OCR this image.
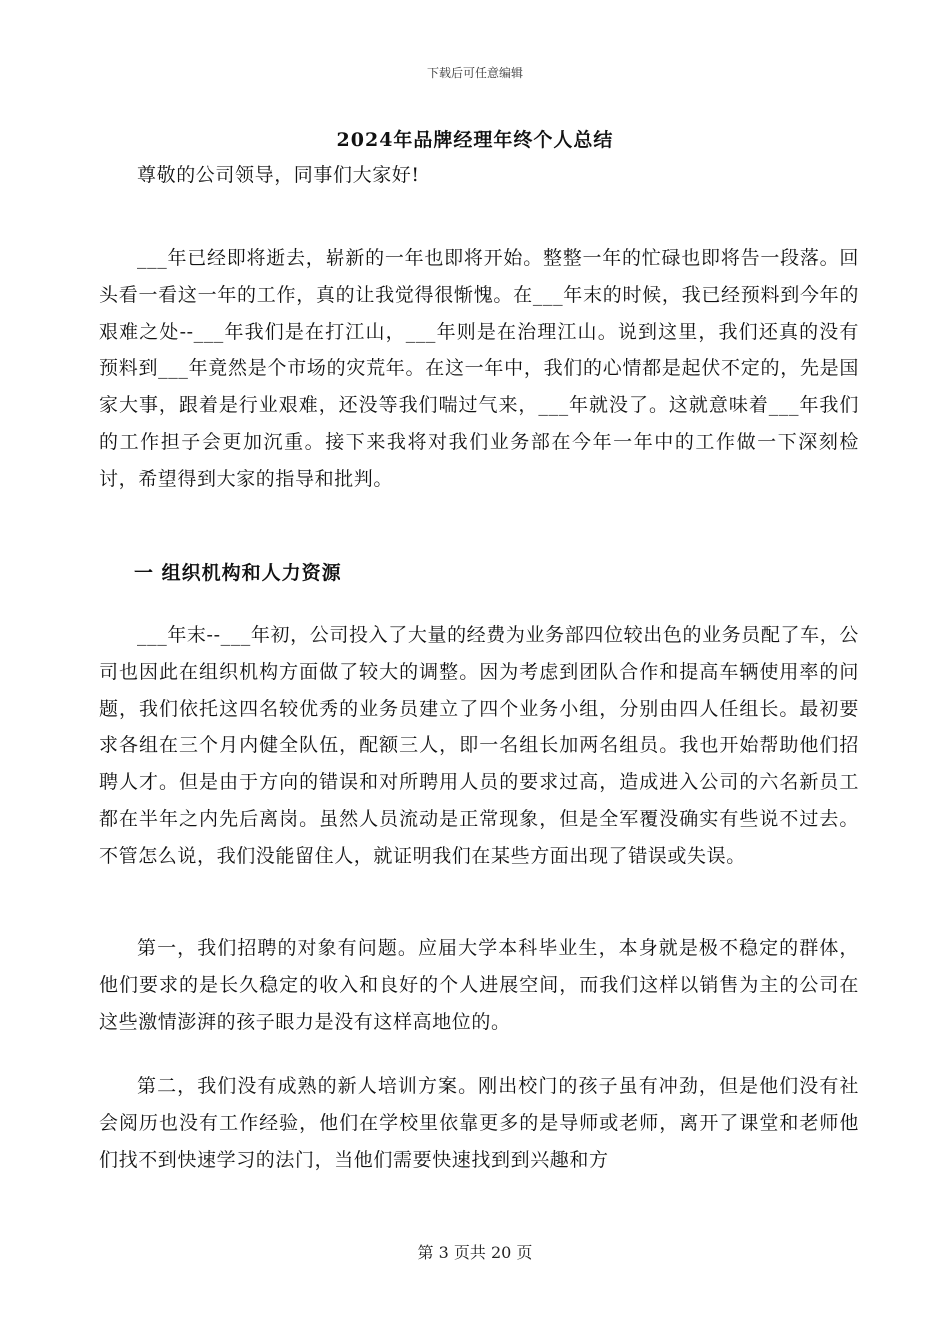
下载后可任意编辑
2024年品牌经理年终个人总结

尊敬的公司领导，同事们大家好!

___年已经即将逝去，崭新的一年也即将开始。整整一年的忙碌也即将告一段落。回头看一看这一年的工作，真的让我觉得很惭愧。在___年末的时候，我已经预料到今年的艰难之处--___年我们是在打江山，___年则是在治理江山。说到这里，我们还真的没有预料到___年竟然是个市场的灾荒年。在这一年中，我们的心情都是起伏不定的，先是国家大事，跟着是行业艰难，还没等我们喘过气来，___年就没了。这就意味着___年我们的工作担子会更加沉重。接下来我将对我们业务部在今年一年中的工作做一下深刻检讨，希望得到大家的指导和批判。

一 组织机构和人力资源

___年末--___年初，公司投入了大量的经费为业务部四位较出色的业务员配了车，公司也因此在组织机构方面做了较大的调整。因为考虑到团队合作和提高车辆使用率的问题，我们依托这四名较优秀的业务员建立了四个业务小组，分别由四人任组长。最初要求各组在三个月内健全队伍，配额三人，即一名组长加两名组员。我也开始帮助他们招聘人才。但是由于方向的错误和对所聘用人员的要求过高，造成进入公司的六名新员工都在半年之内先后离岗。虽然人员流动是正常现象，但是全军覆没确实有些说不过去。不管怎么说，我们没能留住人，就证明我们在某些方面出现了错误或失误。

第一，我们招聘的对象有问题。应届大学本科毕业生，本身就是极不稳定的群体，他们要求的是长久稳定的收入和良好的个人进展空间，而我们这样以销售为主的公司在这些激情澎湃的孩子眼力是没有这样高地位的。

第二，我们没有成熟的新人培训方案。刚出校门的孩子虽有冲劲，但是他们没有社会阅历也没有工作经验，他们在学校里依靠更多的是导师或老师，离开了课堂和老师他们找不到快速学习的法门，当他们需要快速找到到兴趣和方

第 3 页共 20 页
